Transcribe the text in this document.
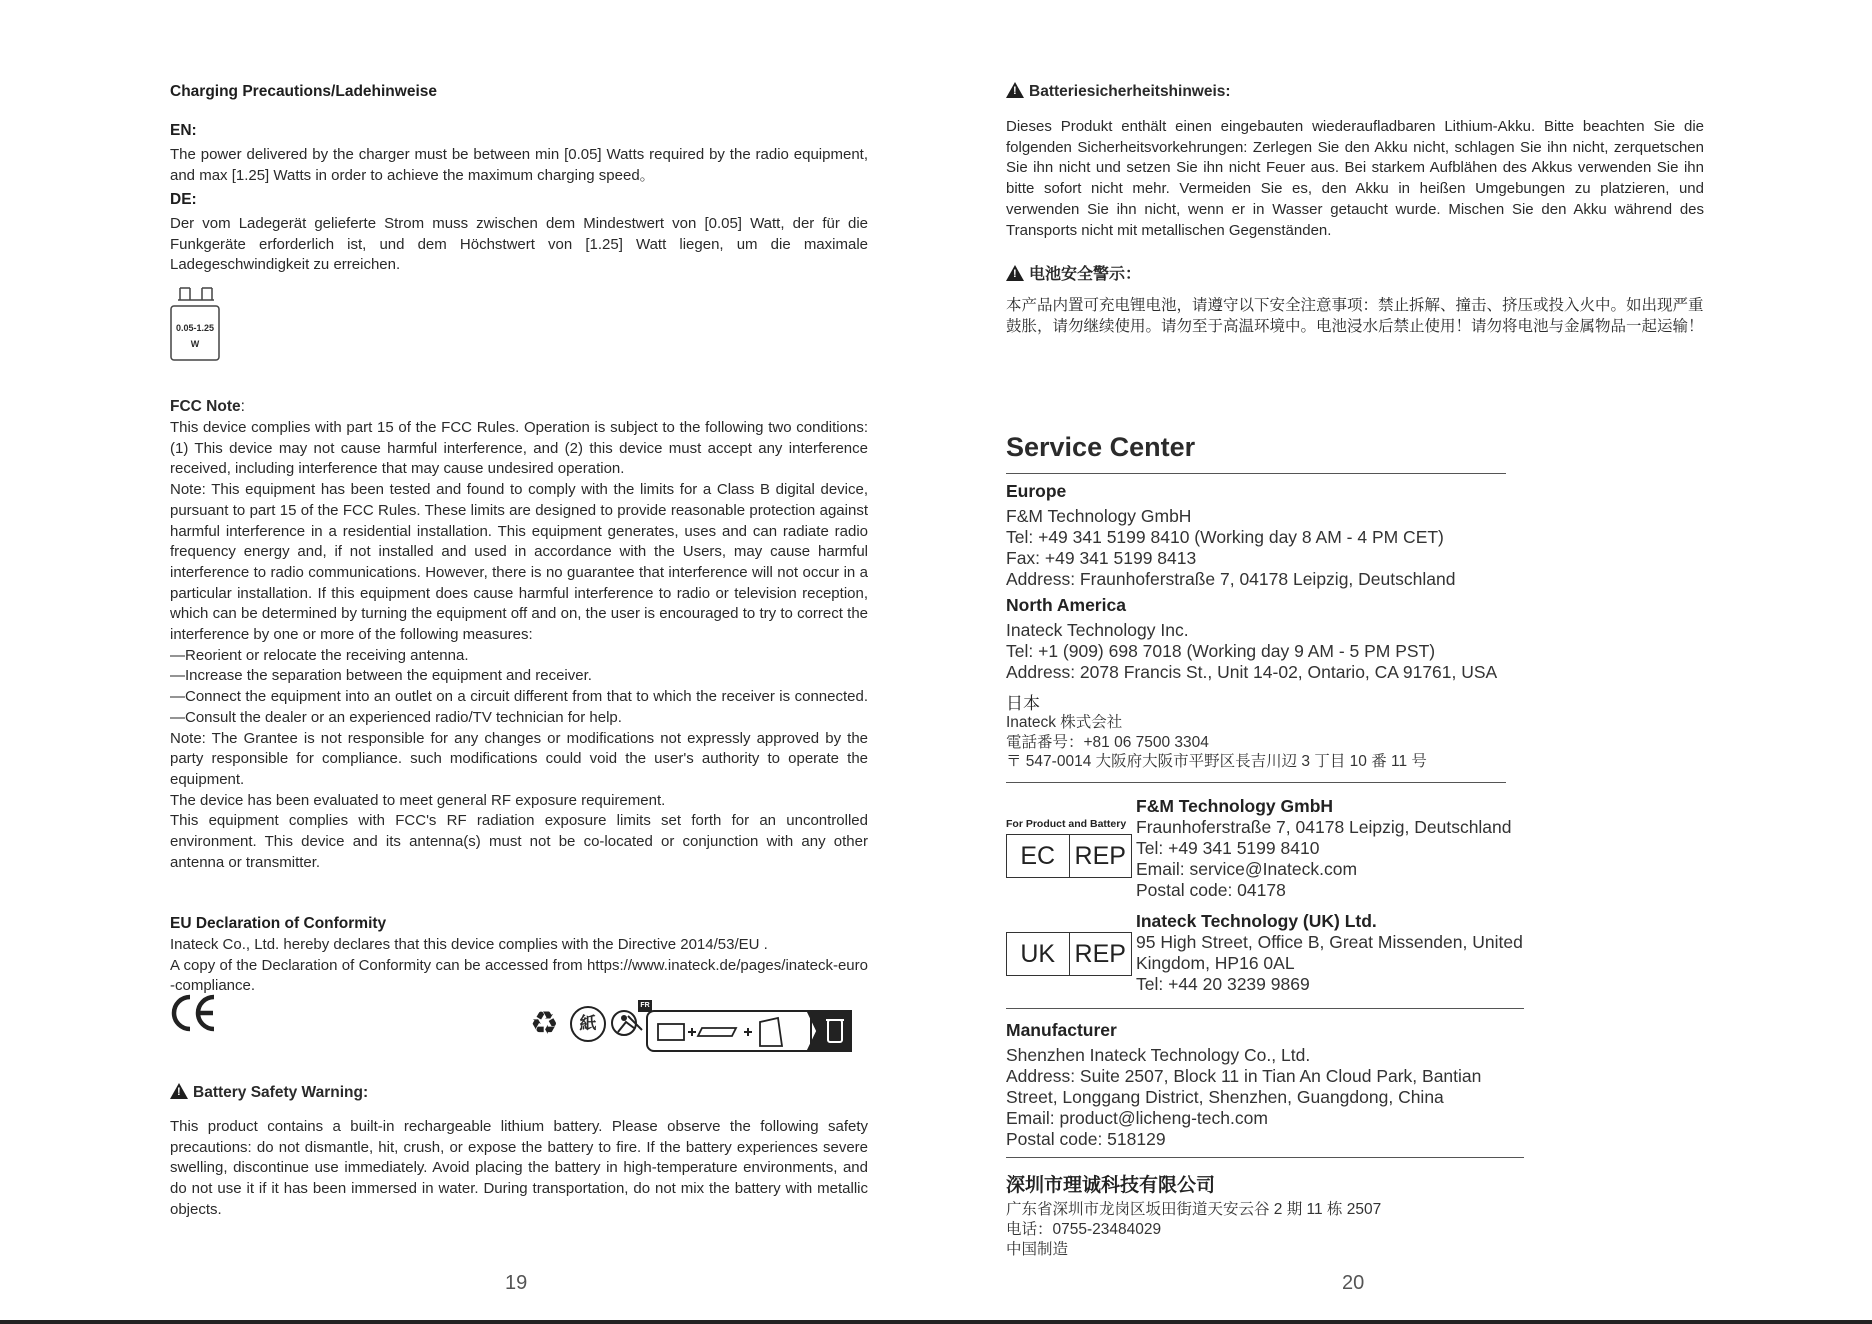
Charging Precautions/Ladehinweise

EN:

The power delivered by the charger must be between min [0.05] Watts required by the radio equipment, and max [1.25] Watts in order to achieve the maximum charging speed。

DE:

Der vom Ladegerät gelieferte Strom muss zwischen dem Mindestwert von [0.05] Watt, der für die Funkgeräte erforderlich ist, und dem Höchstwert von [1.25] Watt liegen, um die maximale Ladegeschwindigkeit zu erreichen.

0.05-1.25
W

FCC Note:

This device complies with part 15 of the FCC Rules. Operation is subject to the following two conditions: (1) This device may not cause harmful interference, and (2) this device must accept any interference received, including interference that may cause undesired operation.

Note: This equipment has been tested and found to comply with the limits for a Class B digital device, pursuant to part 15 of the FCC Rules. These limits are designed to provide reasonable protection against harmful interference in a residential installation. This equipment generates, uses and can radiate radio frequency energy and, if not installed and used in accordance with the Users, may cause harmful interference to radio communications. However, there is no guarantee that interference will not occur in a particular installation. If this equipment does cause harmful interference to radio or television reception, which can be determined by turning the equipment off and on, the user is encouraged to try to correct the interference by one or more of the following measures:

—Reorient or relocate the receiving antenna.

—Increase the separation between the equipment and receiver.

—Connect the equipment into an outlet on a circuit different from that to which the receiver is connected. —Consult the dealer or an experienced radio/TV technician for help.

Note: The Grantee is not responsible for any changes or modifications not expressly approved by the party responsible for compliance. such modifications could void the user's authority to operate the equipment.

The device has been evaluated to meet general RF exposure requirement.

This equipment complies with FCC's RF radiation exposure limits set forth for an uncontrolled environment. This device and its antenna(s) must not be co-located or conjunction with any other antenna or transmitter.

EU Declaration of Conformity

Inateck Co., Ltd. hereby declares that this device complies with the Directive 2014/53/EU .

A copy of the Declaration of Conformity can be accessed from https://www.inateck.de/pages/inateck-euro-compliance.

♻	紙
FR

!Battery Safety Warning:

This product contains a built-in rechargeable lithium battery. Please observe the following safety precautions: do not dismantle, hit, crush, or expose the battery to fire. If the battery experiences severe swelling, discontinue use immediately. Avoid placing the battery in high-temperature environments, and do not use it if it has been immersed in water. During transportation, do not mix the battery with metallic objects.

19

!Batteriesicherheitshinweis:

Dieses Produkt enthält einen eingebauten wiederaufladbaren Lithium-Akku. Bitte beachten Sie die folgenden Sicherheitsvorkehrungen: Zerlegen Sie den Akku nicht, schlagen Sie ihn nicht, zerquetschen Sie ihn nicht und setzen Sie ihn nicht Feuer aus. Bei starkem Aufblähen des Akkus verwenden Sie ihn bitte sofort nicht mehr. Vermeiden Sie es, den Akku in heißen Umgebungen zu platzieren, und verwenden Sie ihn nicht, wenn er in Wasser getaucht wurde. Mischen Sie den Akku während des Transports nicht mit metallischen Gegenständen.

!电池安全警示：

本产品内置可充电锂电池，请遵守以下安全注意事项：禁止拆解、撞击、挤压或投入火中。如出现严重鼓胀，请勿继续使用。请勿至于高温环境中。电池浸水后禁止使用！请勿将电池与金属物品一起运输！

Service Center

Europe

F&M Technology GmbH

Tel: +49 341 5199 8410 (Working day 8 AM - 4 PM CET)

Fax: +49 341 5199 8413

Address: Fraunhoferstraße 7, 04178 Leipzig, Deutschland

North America

Inateck Technology Inc.

Tel: +1 (909) 698 7018 (Working day 9 AM - 5 PM PST)

Address: 2078 Francis St., Unit 14-02, Ontario, CA 91761, USA

日本

Inateck 株式会社

電話番号：+81 06 7500 3304

〒 547-0014 大阪府大阪市平野区長吉川辺 3 丁目 10 番 11 号

For Product and Battery

EC REP

F&M Technology GmbH

Fraunhoferstraße 7, 04178 Leipzig, Deutschland

Tel: +49 341 5199 8410

Email: service@Inateck.com

Postal code: 04178

UK REP

Inateck Technology (UK) Ltd.

95 High Street, Office B, Great Missenden, United

Kingdom, HP16 0AL

Tel: +44 20 3239 9869

Manufacturer

Shenzhen Inateck Technology Co., Ltd.

Address: Suite 2507, Block 11 in Tian An Cloud Park, Bantian

Street, Longgang District, Shenzhen, Guangdong, China

Email: product@licheng-tech.com

Postal code: 518129

深圳市理诚科技有限公司

广东省深圳市龙岗区坂田街道天安云谷 2 期 11 栋 2507

电话：0755-23484029

中国制造

20
